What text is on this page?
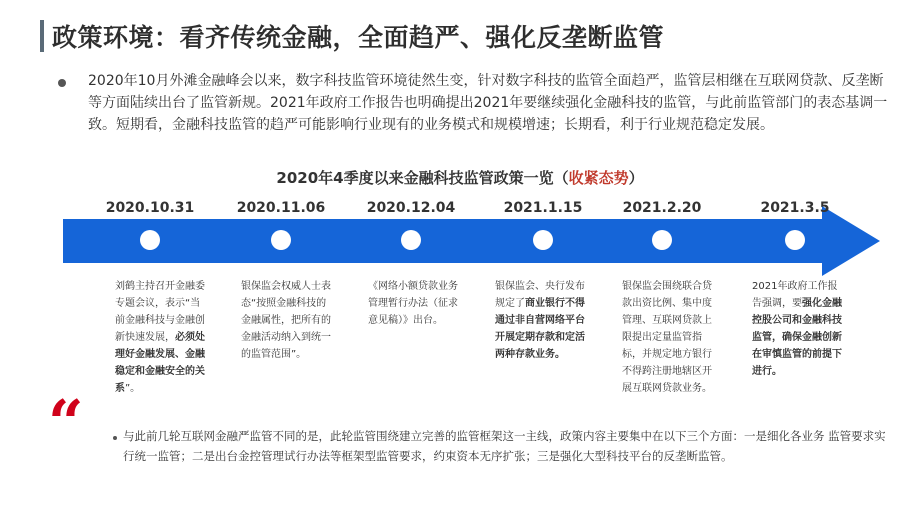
政策环境：看齐传统金融，全面趋严、强化反垄断监管
2020年10月外滩金融峰会以来，数字科技监管环境徒然生变，针对数字科技的监管全面趋严，监管层相继在互联网贷款、反垄断等方面陆续出台了监管新规。2021年政府工作报告也明确提出2021年要继续强化金融科技的监管，与此前监管部门的表态基调一致。短期看，金融科技监管的趋严可能影响行业现有的业务模式和规模增速；长期看，利于行业规范稳定发展。
2020年4季度以来金融科技监管政策一览（收紧态势）
2020.10.31
刘鹤主持召开金融委专题会议，表示“当前金融科技与金融创新快速发展，必须处理好金融发展、金融稳定和金融安全的关系”。
2020.11.06
银保监会权威人士表态“按照金融科技的金融属性，把所有的金融活动纳入到统一的监管范围”。
2020.12.04
《网络小额贷款业务管理暂行办法（征求意见稿）》出台。
2021.1.15
银保监会、央行发布规定了商业银行不得通过非自营网络平台开展定期存款和定活两种存款业务。
2021.2.20
银保监会围绕联合贷款出资比例、集中度管理、互联网贷款上限提出定量监管指标，并规定地方银行不得跨注册地辖区开展互联网贷款业务。
2021.3.5
2021年政府工作报告强调，要强化金融控股公司和金融科技监管，确保金融创新在审慎监管的前提下进行。
“	与此前几轮互联网金融严监管不同的是，此轮监管围绕建立完善的监管框架这一主线，政策内容主要集中在以下三个方面：一是细化各业务 监管要求实行统一监管；二是出台金控管理试行办法等框架型监管要求，约束资本无序扩张；三是强化大型科技平台的反垄断监管。
